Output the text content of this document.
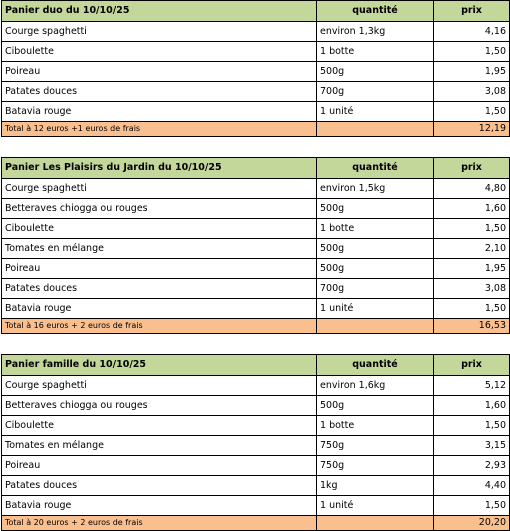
Panier duo du 10/10/25	quantité	prix
Courge spaghetti	environ 1,3kg	4,16
Ciboulette	1 botte	1,50
Poireau	500g	1,95
Patates douces	700g	3,08
Batavia rouge	1 unité	1,50
Total à 12 euros +1 euros de frais		12,19
Panier Les Plaisirs du Jardin du 10/10/25	quantité	prix
Courge spaghetti	environ 1,5kg	4,80
Betteraves chiogga ou rouges	500g	1,60
Ciboulette	1 botte	1,50
Tomates en mélange	500g	2,10
Poireau	500g	1,95
Patates douces	700g	3,08
Batavia rouge	1 unité	1,50
Total à 16 euros + 2 euros de frais		16,53
Panier famille du 10/10/25	quantité	prix
Courge spaghetti	environ 1,6kg	5,12
Betteraves chiogga ou rouges	500g	1,60
Ciboulette	1 botte	1,50
Tomates en mélange	750g	3,15
Poireau	750g	2,93
Patates douces	1kg	4,40
Batavia rouge	1 unité	1,50
Total à 20 euros + 2 euros de frais		20,20
